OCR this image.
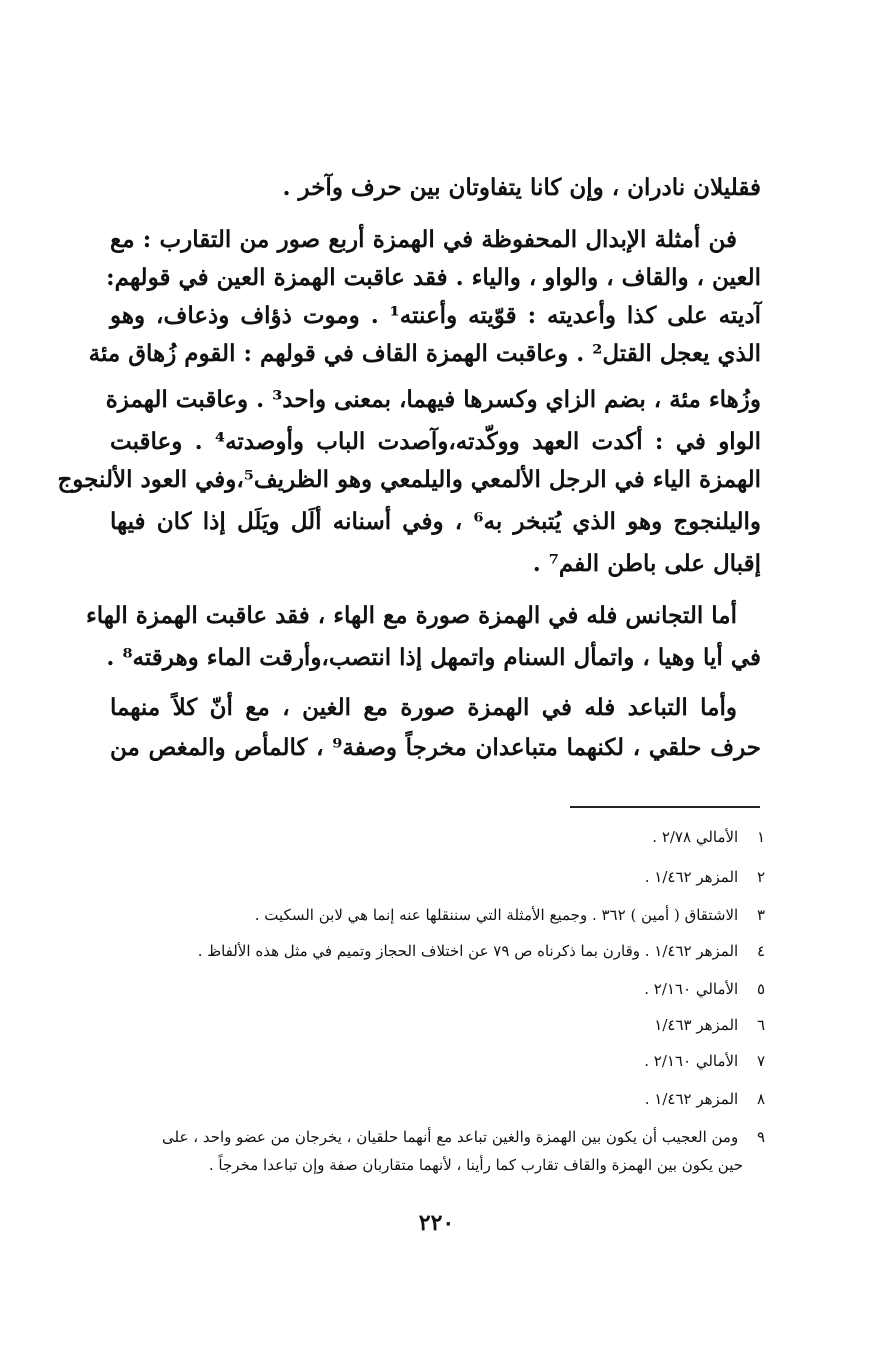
فقليلان نادران ، وإن كانا يتفاوتان بين حرف وآخر .
فن أمثلة الإبدال المحفوظة في الهمزة أربع صور من التقارب : مع
العين ، والقاف ، والواو ، والياء . فقد عاقبت الهمزة العين في قولهم:
آديته على كذا وأعديته : قوّيته وأعنته¹ . وموت ذؤاف وذعاف، وهو
الذي يعجل القتل² . وعاقبت الهمزة القاف في قولهم : القوم زُهاق مئة
وزُهاء مئة ، بضم الزاي وكسرها فيهما، بمعنى واحد³ . وعاقبت الهمزة
الواو في : أكدت العهد ووكّدته،وآصدت الباب وأوصدته⁴ . وعاقبت
الهمزة الياء في الرجل الألمعي واليلمعي وهو الظريف⁵،وفي العود الألنجوج
واليلنجوج وهو الذي يُتبخر به⁶ ، وفي أسنانه ألَل ويَلَل إذا كان فيها
إقبال على باطن الفم⁷ .
أما التجانس فله في الهمزة صورة مع الهاء ، فقد عاقبت الهمزة الهاء
في أيا وهيا ، واتمأل السنام واتمهل إذا انتصب،وأرقت الماء وهرقته⁸ .
وأما التباعد فله في الهمزة صورة مع الغين ، مع أنّ كلاً منهما
حرف حلقي ، لكنهما متباعدان مخرجاً وصفة⁹ ، كالمأص والمغص من
١ الأمالي ٢/٧٨ .
٢ المزهر ١/٤٦٢ .
٣ الاشتقاق ( أمين ) ٣٦٢ . وجميع الأمثلة التي سننقلها عنه إنما هي لابن السكيت .
٤ المزهر ١/٤٦٢ . وقارن بما ذكرناه ص ٧٩ عن اختلاف الحجاز وتميم في مثل هذه الألفاظ .
٥ الأمالي ٢/١٦٠ .
٦ المزهر ١/٤٦٣
٧ الأمالي ٢/١٦٠ .
٨ المزهر ١/٤٦٢ .
٩ ومن العجيب أن يكون بين الهمزة والغين تباعد مع أنهما حلقيان ، يخرجان من عضو واحد ، على
حين يكون بين الهمزة والقاف تقارب كما رأينا ، لأنهما متقاربان صفة وإن تباعدا مخرجاً .
٢٢٠
